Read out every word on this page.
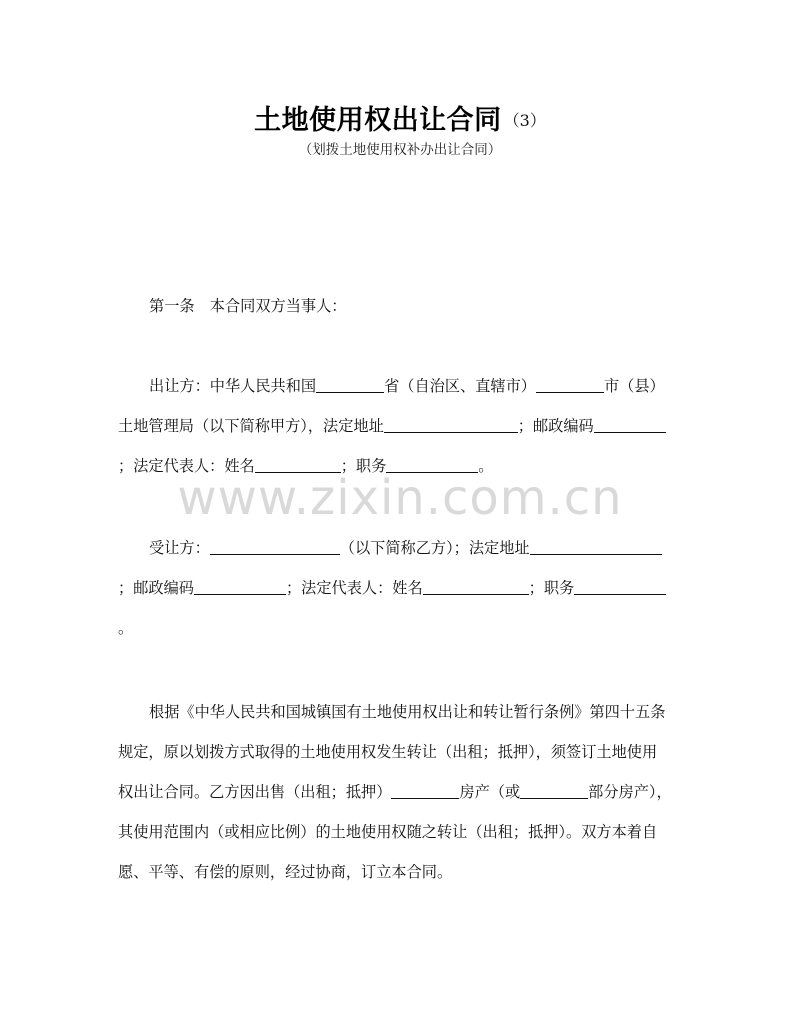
www.zixin.com.cn
土地使用权出让合同 （3）
（划拨土地使用权补办出让合同）
第一条　本合同双方当事人：
出让方：中华人民共和国	省（自治区、直辖市）	市（县）
土地管理局（以下简称甲方），法定地址	；邮政编码
；法定代表人：姓名	；职务	。
受让方：	（以下简称乙方）；法定地址
；邮政编码	；法定代表人：姓名	；职务
。
根据《中华人民共和国城镇国有土地使用权出让和转让暂行条例》第四十五条
规定，原以划拨方式取得的土地使用权发生转让（出租；抵押），须签订土地使用
权出让合同。乙方因出售（出租；抵押）	房产（或	部分房产），
其使用范围内（或相应比例）的土地使用权随之转让（出租；抵押）。双方本着自
愿、平等、有偿的原则，经过协商，订立本合同。
